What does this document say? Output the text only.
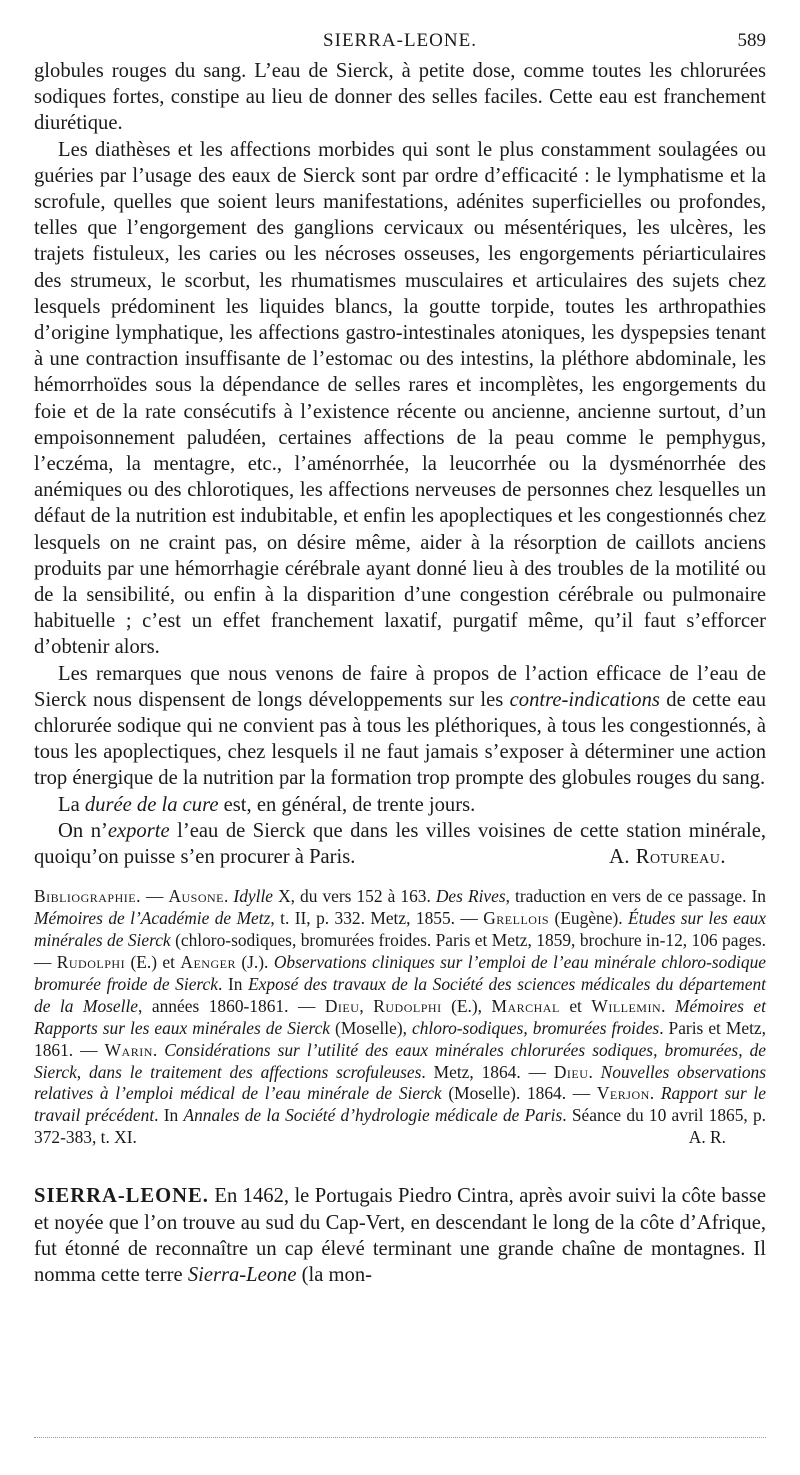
SIERRA-LEONE.	589

globules rouges du sang. L’eau de Sierck, à petite dose, comme toutes les chlorurées sodiques fortes, constipe au lieu de donner des selles faciles. Cette eau est franchement diurétique.

Les diathèses et les affections morbides qui sont le plus constamment soulagées ou guéries par l’usage des eaux de Sierck sont par ordre d’efficacité : le lymphatisme et la scrofule, quelles que soient leurs manifestations, adénites superficielles ou profondes, telles que l’engorgement des ganglions cervicaux ou mésentériques, les ulcères, les trajets fistuleux, les caries ou les nécroses osseuses, les engorgements périarticulaires des strumeux, le scorbut, les rhumatismes musculaires et articulaires des sujets chez lesquels prédominent les liquides blancs, la goutte torpide, toutes les arthropathies d’origine lymphatique, les affections gastro-intestinales atoniques, les dyspepsies tenant à une contraction insuffisante de l’estomac ou des intestins, la pléthore abdominale, les hémorrhoïdes sous la dépendance de selles rares et incomplètes, les engorgements du foie et de la rate consécutifs à l’existence récente ou ancienne, ancienne surtout, d’un empoisonnement paludéen, certaines affections de la peau comme le pemphygus, l’eczéma, la mentagre, etc., l’aménorrhée, la leucorrhée ou la dysménorrhée des anémiques ou des chlorotiques, les affections nerveuses de personnes chez lesquelles un défaut de la nutrition est indubitable, et enfin les apoplectiques et les congestionnés chez lesquels on ne craint pas, on désire même, aider à la résorption de caillots anciens produits par une hémorrhagie cérébrale ayant donné lieu à des troubles de la motilité ou de la sensibilité, ou enfin à la disparition d’une congestion cérébrale ou pulmonaire habituelle ; c’est un effet franchement laxatif, purgatif même, qu’il faut s’efforcer d’obtenir alors.

Les remarques que nous venons de faire à propos de l’action efficace de l’eau de Sierck nous dispensent de longs développements sur les contre-indications de cette eau chlorurée sodique qui ne convient pas à tous les pléthoriques, à tous les congestionnés, à tous les apoplectiques, chez lesquels il ne faut jamais s’exposer à déterminer une action trop énergique de la nutrition par la formation trop prompte des globules rouges du sang.

La durée de la cure est, en général, de trente jours.

On n’exporte l’eau de Sierck que dans les villes voisines de cette station minérale, quoiqu’on puisse s’en procurer à Paris.	A. Rotureau.

Bibliographie. — Ausone. Idylle X, du vers 152 à 163. Des Rives, traduction en vers de ce passage. In Mémoires de l’Académie de Metz, t. II, p. 332. Metz, 1855. — Grellois (Eugène). Études sur les eaux minérales de Sierck (chloro-sodiques, bromurées froides. Paris et Metz, 1859, brochure in-12, 106 pages. — Rudolphi (E.) et Aenger (J.). Observations cliniques sur l’emploi de l’eau minérale chloro-sodique bromurée froide de Sierck. In Exposé des travaux de la Société des sciences médicales du département de la Moselle, années 1860-1861. — Dieu, Rudolphi (E.), Marchal et Willemin. Mémoires et Rapports sur les eaux minérales de Sierck (Moselle), chloro-sodiques, bromurées froides. Paris et Metz, 1861. — Warin. Considérations sur l’utilité des eaux minérales chlorurées sodiques, bromurées, de Sierck, dans le traitement des affections scrofuleuses. Metz, 1864. — Dieu. Nouvelles observations relatives à l’emploi médical de l’eau minérale de Sierck (Moselle). 1864. — Verjon. Rapport sur le travail précédent. In Annales de la Société d’hydrologie médicale de Paris. Séance du 10 avril 1865, p. 372-383, t. XI.	A. R.

SIERRA-LEONE. En 1462, le Portugais Piedro Cintra, après avoir suivi la côte basse et noyée que l’on trouve au sud du Cap-Vert, en descendant le long de la côte d’Afrique, fut étonné de reconnaître un cap élevé terminant une grande chaîne de montagnes. Il nomma cette terre Sierra-Leone (la mon-
